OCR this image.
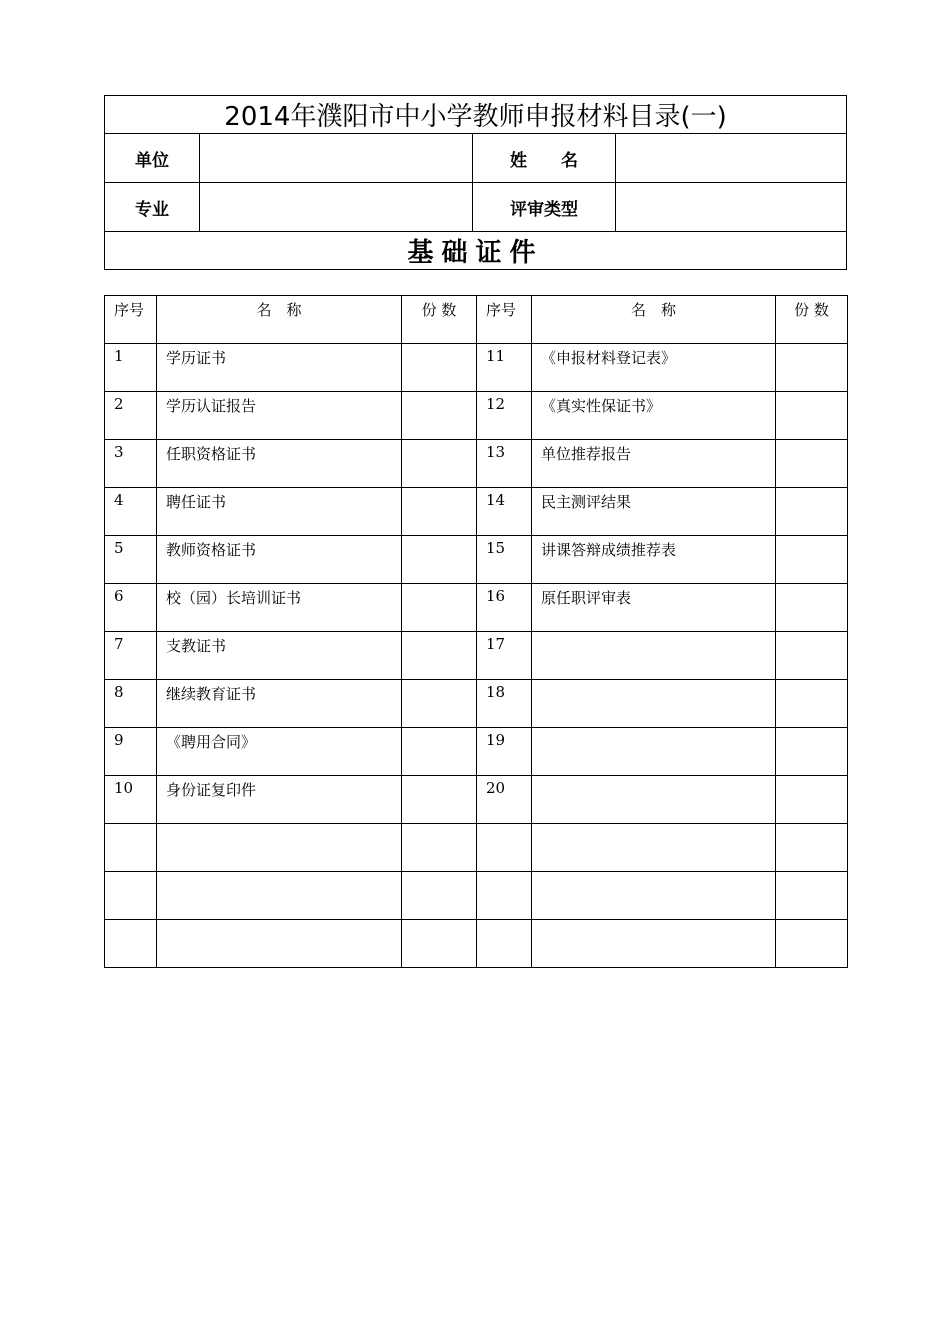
2014年濮阳市中小学教师申报材料目录(一)			
单位		姓　　名	
专业		评审类型	
基础证件			
序号	名　称	份 数	序号	名　称	份 数
1	学历证书		11	《申报材料登记表》	
2	学历认证报告		12	《真实性保证书》	
3	任职资格证书		13	单位推荐报告	
4	聘任证书		14	民主测评结果	
5	教师资格证书		15	讲课答辩成绩推荐表	
6	校（园）长培训证书		16	原任职评审表	
7	支教证书		17		
8	继续教育证书		18		
9	《聘用合同》		19		
10	身份证复印件		20		
